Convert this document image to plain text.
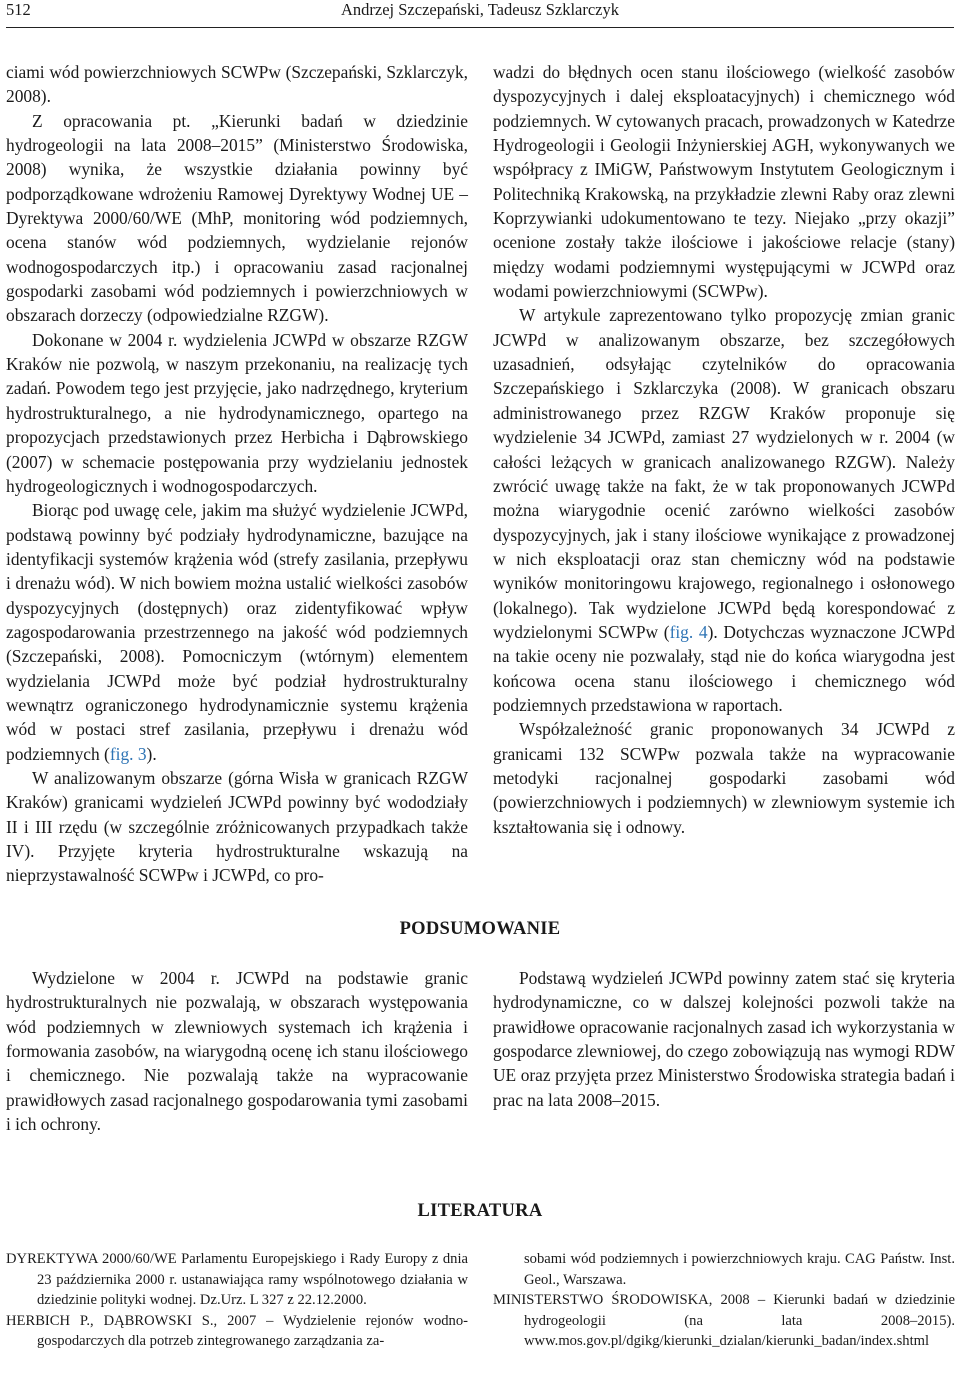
512	Andrzej Szczepański, Tadeusz Szklarczyk

ciami wód powierzchniowych SCWPw (Szczepański, Szklarczyk, 2008).

Z opracowania pt. „Kierunki badań w dziedzinie hydrogeologii na lata 2008–2015” (Ministerstwo Środowiska, 2008) wynika, że wszystkie działania powinny być podporządkowane wdrożeniu Ramowej Dyrektywy Wodnej UE – Dyrektywa 2000/60/WE (MhP, monitoring wód podziemnych, ocena stanów wód podziemnych, wydzielanie rejonów wodnogospodarczych itp.) i opracowaniu zasad racjonalnej gospodarki zasobami wód podziemnych i powierzchniowych w obszarach dorzeczy (odpowiedzialne RZGW).

Dokonane w 2004 r. wydzielenia JCWPd w obszarze RZGW Kraków nie pozwolą, w naszym przekonaniu, na realizację tych zadań. Powodem tego jest przyjęcie, jako nadrzędnego, kryterium hydrostrukturalnego, a nie hydrodynamicznego, opartego na propozycjach przedstawionych przez Herbicha i Dąbrowskiego (2007) w schemacie postępowania przy wydzielaniu jednostek hydrogeologicznych i wodnogospodarczych.

Biorąc pod uwagę cele, jakim ma służyć wydzielenie JCWPd, podstawą powinny być podziały hydrodynamiczne, bazujące na identyfikacji systemów krążenia wód (strefy zasilania, przepływu i drenażu wód). W nich bowiem można ustalić wielkości zasobów dyspozycyjnych (dostępnych) oraz zidentyfikować wpływ zagospodarowania przestrzennego na jakość wód podziemnych (Szczepański, 2008). Pomocniczym (wtórnym) elementem wydzielania JCWPd może być podział hydrostrukturalny wewnątrz ograniczonego hydrodynamicznie systemu krążenia wód w postaci stref zasilania, przepływu i drenażu wód podziemnych (fig. 3).

W analizowanym obszarze (górna Wisła w granicach RZGW Kraków) granicami wydzieleń JCWPd powinny być wododziały II i III rzędu (w szczególnie zróżnicowanych przypadkach także IV). Przyjęte kryteria hydrostrukturalne wskazują na nieprzystawalność SCWPw i JCWPd, co pro-

wadzi do błędnych ocen stanu ilościowego (wielkość zasobów dyspozycyjnych i dalej eksploatacyjnych) i chemicznego wód podziemnych. W cytowanych pracach, prowadzonych w Katedrze Hydrogeologii i Geologii Inżynierskiej AGH, wykonywanych we współpracy z IMiGW, Państwowym Instytutem Geologicznym i Politechniką Krakowską, na przykładzie zlewni Raby oraz zlewni Koprzywianki udokumentowano te tezy. Niejako „przy okazji” ocenione zostały także ilościowe i jakościowe relacje (stany) między wodami podziemnymi występującymi w JCWPd oraz wodami powierzchniowymi (SCWPw).

W artykule zaprezentowano tylko propozycję zmian granic JCWPd w analizowanym obszarze, bez szczegółowych uzasadnień, odsyłając czytelników do opracowania Szczepańskiego i Szklarczyka (2008). W granicach obszaru administrowanego przez RZGW Kraków proponuje się wydzielenie 34 JCWPd, zamiast 27 wydzielonych w r. 2004 (w całości leżących w granicach analizowanego RZGW). Należy zwrócić uwagę także na fakt, że w tak proponowanych JCWPd można wiarygodnie ocenić zarówno wielkości zasobów dyspozycyjnych, jak i stany ilościowe wynikające z prowadzonej w nich eksploatacji oraz stan chemiczny wód na podstawie wyników monitoringowu krajowego, regionalnego i osłonowego (lokalnego). Tak wydzielone JCWPd będą korespondować z wydzielonymi SCWPw (fig. 4). Dotychczas wyznaczone JCWPd na takie oceny nie pozwalały, stąd nie do końca wiarygodna jest końcowa ocena stanu ilościowego i chemicznego wód podziemnych przedstawiona w raportach.

Współzależność granic proponowanych 34 JCWPd z granicami 132 SCWPw pozwala także na wypracowanie metodyki racjonalnej gospodarki zasobami wód (powierzchniowych i podziemnych) w zlewniowym systemie ich kształtowania się i odnowy.

PODSUMOWANIE

Wydzielone w 2004 r. JCWPd na podstawie granic hydrostrukturalnych nie pozwalają, w obszarach występowania wód podziemnych w zlewniowych systemach ich krążenia i formowania zasobów, na wiarygodną ocenę ich stanu ilościowego i chemicznego. Nie pozwalają także na wypracowanie prawidłowych zasad racjonalnego gospodarowania tymi zasobami i ich ochrony.

Podstawą wydzieleń JCWPd powinny zatem stać się kryteria hydrodynamiczne, co w dalszej kolejności pozwoli także na prawidłowe opracowanie racjonalnych zasad ich wykorzystania w gospodarce zlewniowej, do czego zobowiązują nas wymogi RDW UE oraz przyjęta przez Ministerstwo Środowiska strategia badań i prac na lata 2008–2015.

LITERATURA

DYREKTYWA 2000/60/WE Parlamentu Europejskiego i Rady Europy z dnia 23 października 2000 r. ustanawiająca ramy wspólnotowego działania w dziedzinie polityki wodnej. Dz.Urz. L 327 z 22.12.2000.

HERBICH P., DĄBROWSKI S., 2007 – Wydzielenie rejonów wodno-gospodarczych dla potrzeb zintegrowanego zarządzania za-

sobami wód podziemnych i powierzchniowych kraju. CAG Państw. Inst. Geol., Warszawa.

MINISTERSTWO ŚRODOWISKA, 2008 – Kierunki badań w dziedzinie hydrogeologii (na lata 2008–2015). www.mos.gov.pl/dgikg/kierunki_dzialan/kierunki_badan/index.shtml
